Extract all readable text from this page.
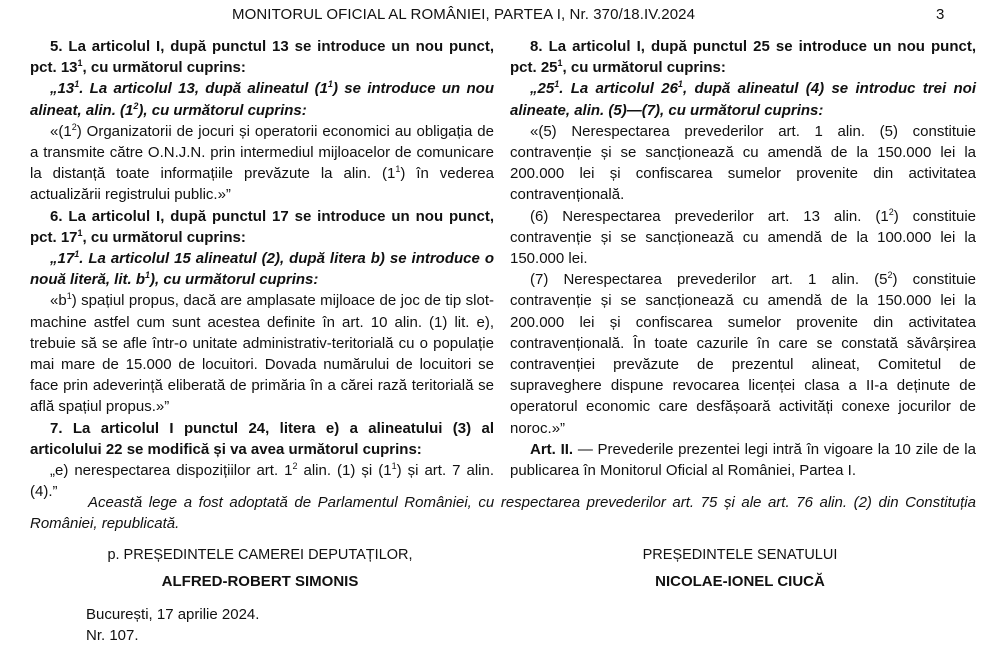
MONITORUL OFICIAL AL ROMÂNIEI, PARTEA I, Nr. 370/18.IV.2024	3

5. La articolul I, după punctul 13 se introduce un nou punct, pct. $13^1$, cu următorul cuprins:

$„13^1$. La articolul 13, după alineatul $(1^1)$ se introduce un nou alineat, alin. $(1^2)$, cu următorul cuprins:

«$(1^2)$ Organizatorii de jocuri și operatorii economici au obligația de a transmite către O.N.J.N. prin intermediul mijloacelor de comunicare la distanță toate informațiile prevăzute la alin. $(1^1)$ în vederea actualizării registrului public.»”

6. La articolul I, după punctul 17 se introduce un nou punct, pct. $17^1$, cu următorul cuprins:

$„17^1$. La articolul 15 alineatul (2), după litera b) se introduce o nouă literă, lit. $b^1$), cu următorul cuprins:

«$b^1$) spațiul propus, dacă are amplasate mijloace de joc de tip slot-machine astfel cum sunt acestea definite în art. 10 alin. (1) lit. e), trebuie să se afle într-o unitate administrativ-teritorială cu o populație mai mare de 15.000 de locuitori. Dovada numărului de locuitori se face prin adeverință eliberată de primăria în a cărei rază teritorială se află spațiul propus.»”

7. La articolul I punctul 24, litera e) a alineatului (3) al articolului 22 se modifică și va avea următorul cuprins:

„e) nerespectarea dispozițiilor art. $1^2$ alin. (1) și $(1^1)$ și art. 7 alin. (4).”

8. La articolul I, după punctul 25 se introduce un nou punct, pct. $25^1$, cu următorul cuprins:

$„25^1$. La articolul $26^1$, după alineatul (4) se introduc trei noi alineate, alin. (5)—(7), cu următorul cuprins:

«(5) Nerespectarea prevederilor art. 1 alin. (5) constituie contravenție și se sancționează cu amendă de la 150.000 lei la 200.000 lei și confiscarea sumelor provenite din activitatea contravențională.

(6) Nerespectarea prevederilor art. 13 alin. $(1^2)$ constituie contravenție și se sancționează cu amendă de la 100.000 lei la 150.000 lei.

(7) Nerespectarea prevederilor art. 1 alin. $(5^2)$ constituie contravenție și se sancționează cu amendă de la 150.000 lei la 200.000 lei și confiscarea sumelor provenite din activitatea contravențională. În toate cazurile în care se constată săvârșirea contravenției prevăzute de prezentul alineat, Comitetul de supraveghere dispune revocarea licenței clasa a II-a deținute de operatorul economic care desfășoară activități conexe jocurilor de noroc.»”

Art. II. — Prevederile prezentei legi intră în vigoare la 10 zile de la publicarea în Monitorul Oficial al României, Partea I.

Această lege a fost adoptată de Parlamentul României, cu respectarea prevederilor art. 75 și ale art. 76 alin. (2) din Constituția României, republicată.

p. PREȘEDINTELE CAMEREI DEPUTAȚILOR,
ALFRED-ROBERT SIMONIS
PREȘEDINTELE SENATULUI
NICOLAE-IONEL CIUCĂ
București, 17 aprilie 2024.
Nr. 107.
